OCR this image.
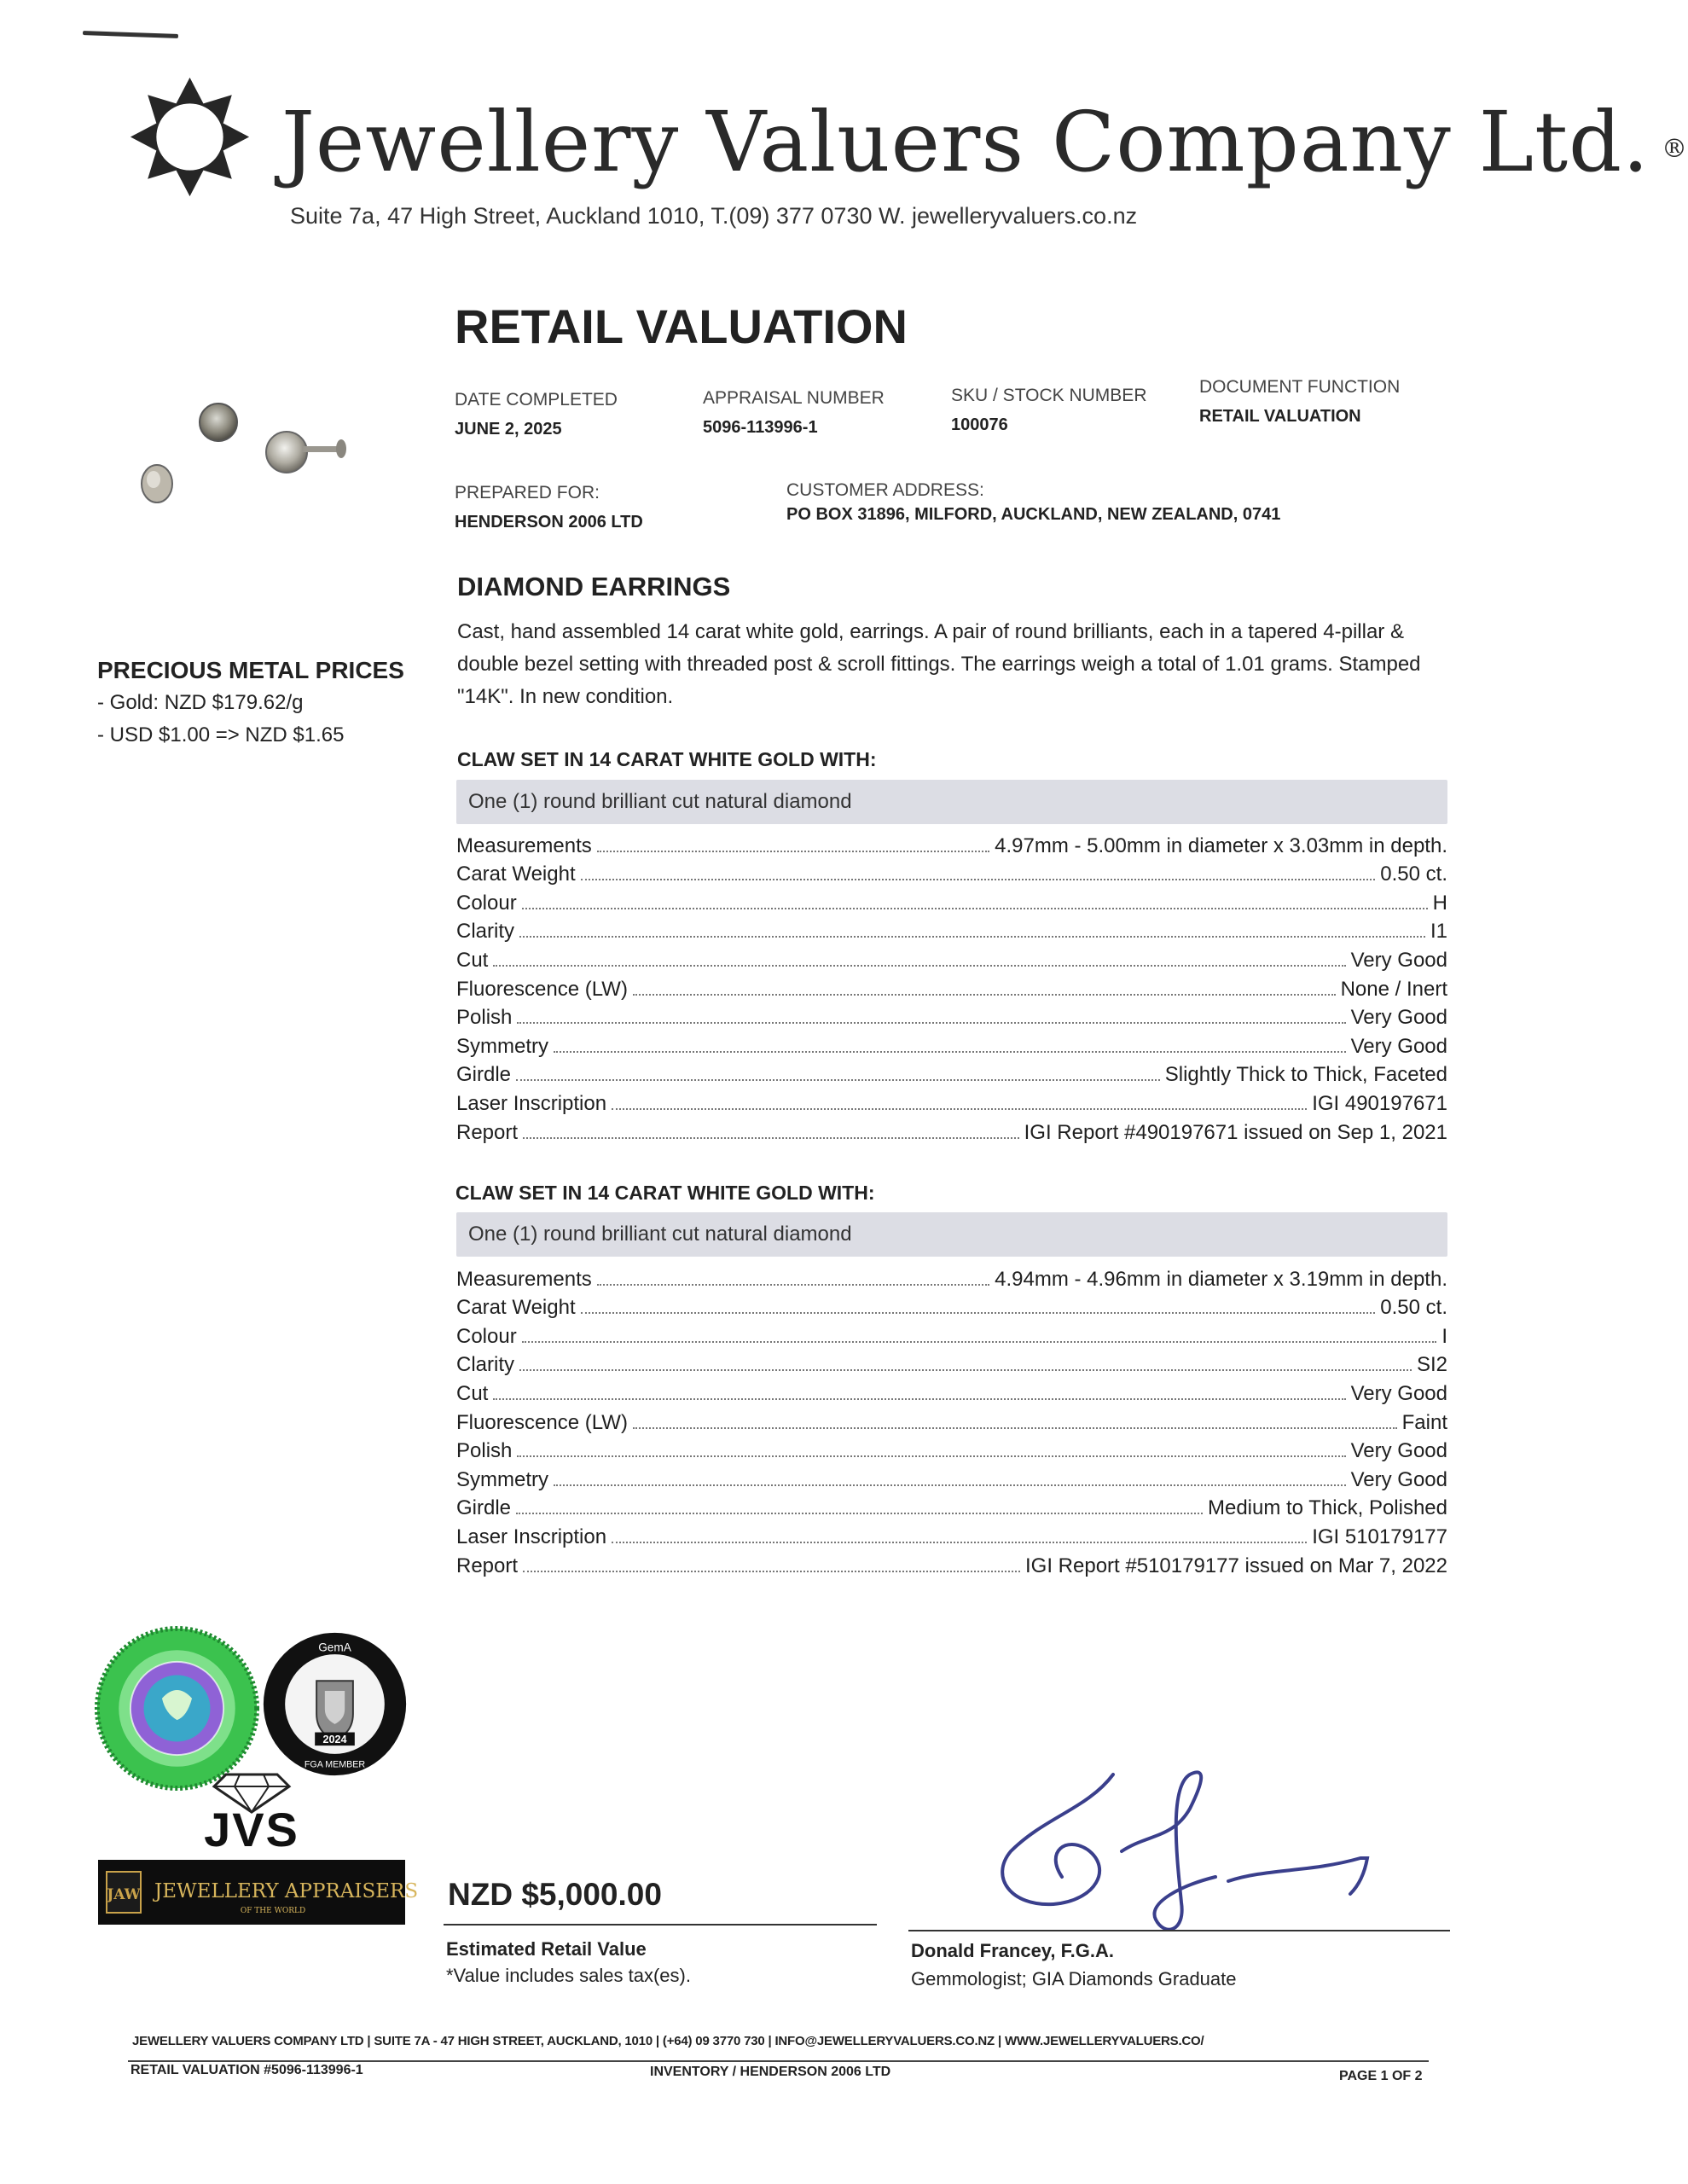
Jewellery Valuers Company Ltd. ®
Suite 7a, 47 High Street, Auckland 1010, T.(09) 377 0730 W. jewelleryvaluers.co.nz
RETAIL VALUATION
DATE COMPLETED
JUNE 2, 2025
APPRAISAL NUMBER
5096-113996-1
SKU / STOCK NUMBER
100076
DOCUMENT FUNCTION
RETAIL VALUATION
PREPARED FOR:
HENDERSON 2006 LTD
CUSTOMER ADDRESS:
PO BOX 31896, MILFORD, AUCKLAND, NEW ZEALAND, 0741
PRECIOUS METAL PRICES
- Gold: NZD $179.62/g
- USD $1.00 => NZD $1.65
DIAMOND EARRINGS
Cast, hand assembled 14 carat white gold, earrings. A pair of round brilliants, each in a tapered 4-pillar & double bezel setting with threaded post & scroll fittings. The earrings weigh a total of 1.01 grams. Stamped "14K". In new condition.
CLAW SET IN 14 CARAT WHITE GOLD WITH:
One (1) round brilliant cut natural diamond
Measurements	4.97mm - 5.00mm in diameter x 3.03mm in depth.
Carat Weight	0.50 ct.
Colour	H
Clarity	I1
Cut	Very Good
Fluorescence (LW)	None / Inert
Polish	Very Good
Symmetry	Very Good
Girdle	Slightly Thick to Thick, Faceted
Laser Inscription	IGI 490197671
Report	IGI Report #490197671 issued on Sep 1, 2021
CLAW SET IN 14 CARAT WHITE GOLD WITH:
One (1) round brilliant cut natural diamond
Measurements	4.94mm - 4.96mm in diameter x 3.19mm in depth.
Carat Weight	0.50 ct.
Colour	I
Clarity	SI2
Cut	Very Good
Fluorescence (LW)	Faint
Polish	Very Good
Symmetry	Very Good
Girdle	Medium to Thick, Polished
Laser Inscription	IGI 510179177
Report	IGI Report #510179177 issued on Mar 7, 2022
GemA
2024
FGA MEMBER
JVS
JAW JEWELLERY APPRAISERS
OF THE WORLD	NZD $5,000.00
Estimated Retail Value
*Value includes sales tax(es).
Donald Francey, F.G.A.
Gemmologist; GIA Diamonds Graduate
JEWELLERY VALUERS COMPANY LTD | SUITE 7A - 47 HIGH STREET, AUCKLAND, 1010 | (+64) 09 3770 730 | INFO@JEWELLERYVALUERS.CO.NZ | WWW.JEWELLERYVALUERS.CO/
RETAIL VALUATION #5096-113996-1	INVENTORY / HENDERSON 2006 LTD	PAGE 1 OF 2
